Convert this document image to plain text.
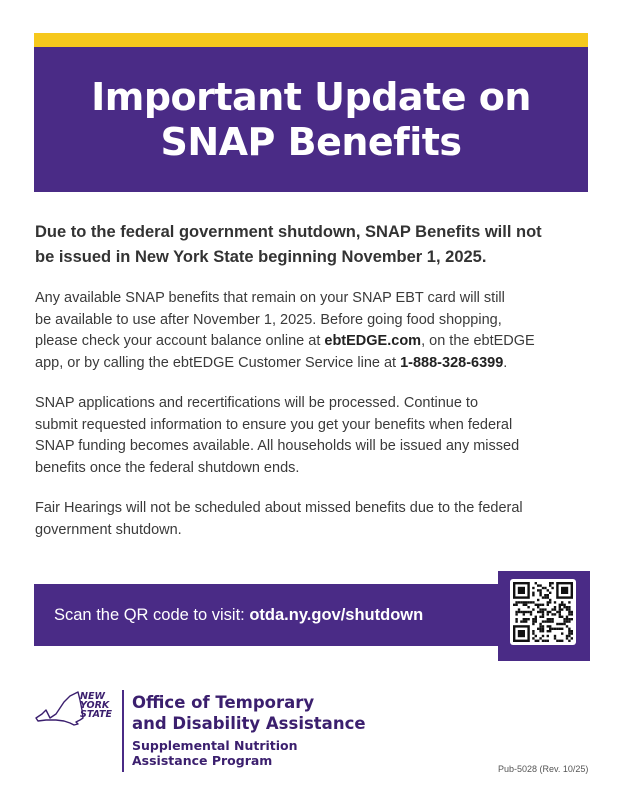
Important Update on
SNAP Benefits

Due to the federal government shutdown, SNAP Benefits will not
be issued in New York State beginning November 1, 2025.

Any available SNAP benefits that remain on your SNAP EBT card will still
be available to use after November 1, 2025. Before going food shopping,
please check your account balance online at ebtEDGE.com, on the ebtEDGE
app, or by calling the ebtEDGE Customer Service line at 1-888-328-6399.

SNAP applications and recertifications will be processed. Continue to
submit requested information to ensure you get your benefits when federal
SNAP funding becomes available. All households will be issued any missed
benefits once the federal shutdown ends.

Fair Hearings will not be scheduled about missed benefits due to the federal
government shutdown.

Scan the QR code to visit: otda.ny.gov/shutdown
NEW
YORK
STATE
Office of Temporary
and Disability Assistance
Supplemental Nutrition
Assistance Program
Pub-5028 (Rev. 10/25)
